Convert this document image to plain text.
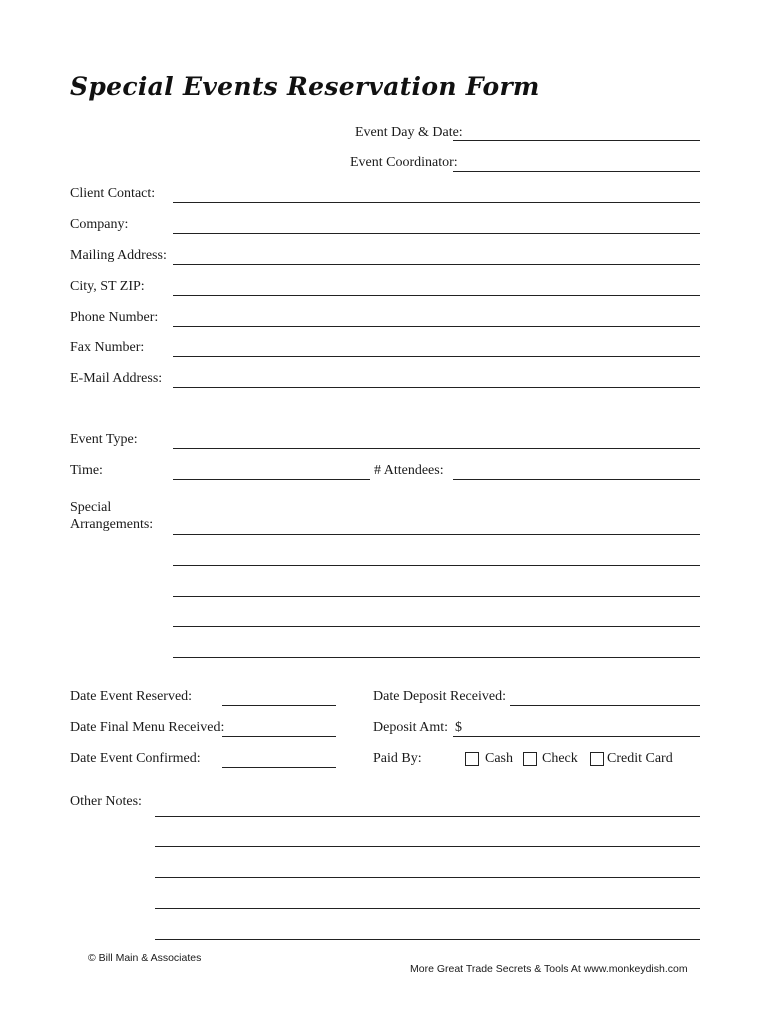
Special Events Reservation Form
Event Day & Date:
Event Coordinator:
Client Contact:
Company:
Mailing Address:
City, ST ZIP:
Phone Number:
Fax Number:
E-Mail Address:
Event Type:
Time:	# Attendees:
Special
Arrangements:
Date Event Reserved:	Date Deposit Received:
Date Final Menu Received:	Deposit Amt: $
Date Event Confirmed:	Paid By:	Cash Check Credit Card
Other Notes:
© Bill Main & Associates
More Great Trade Secrets & Tools At www.monkeydish.com
